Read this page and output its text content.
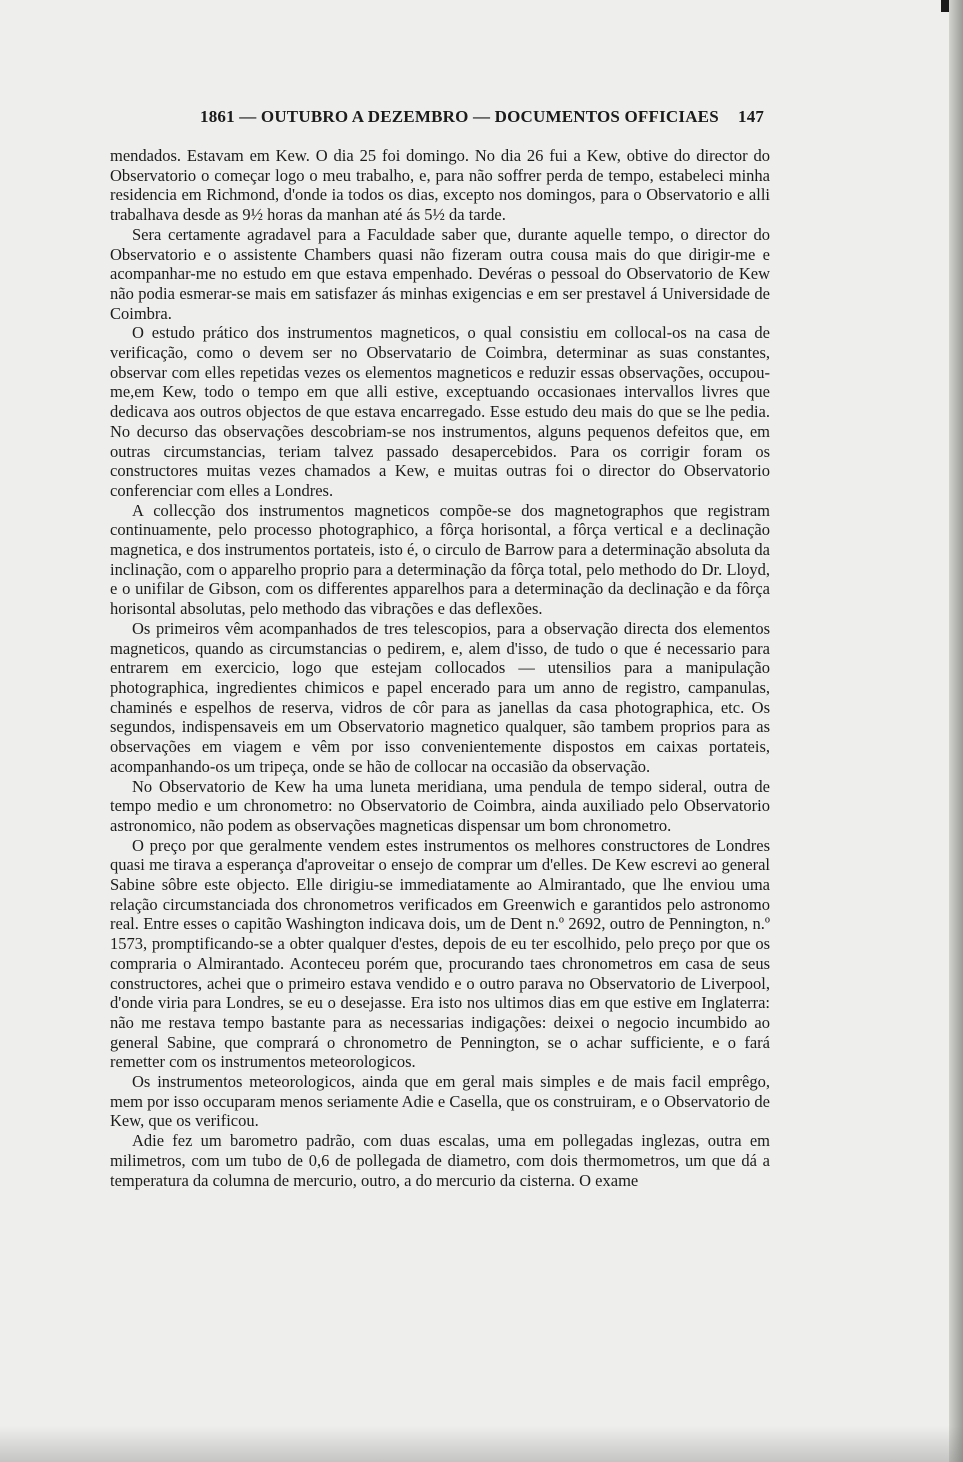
1861 — OUTUBRO A DEZEMBRO — DOCUMENTOS OFFICIAES 147

mendados. Estavam em Kew. O dia 25 foi domingo. No dia 26 fui a Kew, obtive do director do Observatorio o começar logo o meu trabalho, e, para não soffrer perda de tempo, estabeleci minha residencia em Richmond, d'onde ia todos os dias, excepto nos domingos, para o Observatorio e alli trabalhava desde as 9½ horas da manhan até ás 5½ da tarde.

Sera certamente agradavel para a Faculdade saber que, durante aquelle tempo, o director do Observatorio e o assistente Chambers quasi não fizeram outra cousa mais do que dirigir-me e acompanhar-me no estudo em que estava empenhado. Devéras o pessoal do Observatorio de Kew não podia esmerar-se mais em satisfazer ás minhas exigencias e em ser prestavel á Universidade de Coimbra.

O estudo prático dos instrumentos magneticos, o qual consistiu em collocal-os na casa de verificação, como o devem ser no Observatario de Coimbra, determinar as suas constantes, observar com elles repetidas vezes os elementos magneticos e reduzir essas observações, occupou-me,em Kew, todo o tempo em que alli estive, exceptuando occasionaes intervallos livres que dedicava aos outros objectos de que estava encarregado. Esse estudo deu mais do que se lhe pedia. No decurso das observações descobriam-se nos instrumentos, alguns pequenos defeitos que, em outras circumstancias, teriam talvez passado desapercebidos. Para os corrigir foram os constructores muitas vezes chamados a Kew, e muitas outras foi o director do Observatorio conferenciar com elles a Londres.

A collecção dos instrumentos magneticos compõe-se dos magnetographos que registram continuamente, pelo processo photographico, a fôrça horisontal, a fôrça vertical e a declinação magnetica, e dos instrumentos portateis, isto é, o circulo de Barrow para a determinação absoluta da inclinação, com o apparelho proprio para a determinação da fôrça total, pelo methodo do Dr. Lloyd, e o unifilar de Gibson, com os differentes apparelhos para a determinação da declinação e da fôrça horisontal absolutas, pelo methodo das vibrações e das deflexões.

Os primeiros vêm acompanhados de tres telescopios, para a observação directa dos elementos magneticos, quando as circumstancias o pedirem, e, alem d'isso, de tudo o que é necessario para entrarem em exercicio, logo que estejam collocados — utensilios para a manipulação photographica, ingredientes chimicos e papel encerado para um anno de registro, campanulas, chaminés e espelhos de reserva, vidros de côr para as janellas da casa photographica, etc. Os segundos, indispensaveis em um Observatorio magnetico qualquer, são tambem proprios para as observações em viagem e vêm por isso convenientemente dispostos em caixas portateis, acompanhando-os um tripeça, onde se hão de collocar na occasião da observação.

No Observatorio de Kew ha uma luneta meridiana, uma pendula de tempo sideral, outra de tempo medio e um chronometro: no Observatorio de Coimbra, ainda auxiliado pelo Observatorio astronomico, não podem as observações magneticas dispensar um bom chronometro.

O preço por que geralmente vendem estes instrumentos os melhores constructores de Londres quasi me tirava a esperança d'aproveitar o ensejo de comprar um d'elles. De Kew escrevi ao general Sabine sôbre este objecto. Elle dirigiu-se immediatamente ao Almirantado, que lhe enviou uma relação circumstanciada dos chronometros verificados em Greenwich e garantidos pelo astronomo real. Entre esses o capitão Washington indicava dois, um de Dent n.º 2692, outro de Pennington, n.º 1573, promptificando-se a obter qualquer d'estes, depois de eu ter escolhido, pelo preço por que os compraria o Almirantado. Aconteceu porém que, procurando taes chronometros em casa de seus constructores, achei que o primeiro estava vendido e o outro parava no Observatorio de Liverpool, d'onde viria para Londres, se eu o desejasse. Era isto nos ultimos dias em que estive em Inglaterra: não me restava tempo bastante para as necessarias indigações: deixei o negocio incumbido ao general Sabine, que comprará o chronometro de Pennington, se o achar sufficiente, e o fará remetter com os instrumentos meteorologicos.

Os instrumentos meteorologicos, ainda que em geral mais simples e de mais facil emprêgo, mem por isso occuparam menos seriamente Adie e Casella, que os construiram, e o Observatorio de Kew, que os verificou.

Adie fez um barometro padrão, com duas escalas, uma em pollegadas inglezas, outra em milimetros, com um tubo de 0,6 de pollegada de diametro, com dois thermometros, um que dá a temperatura da columna de mercurio, outro, a do mercurio da cisterna. O exame
